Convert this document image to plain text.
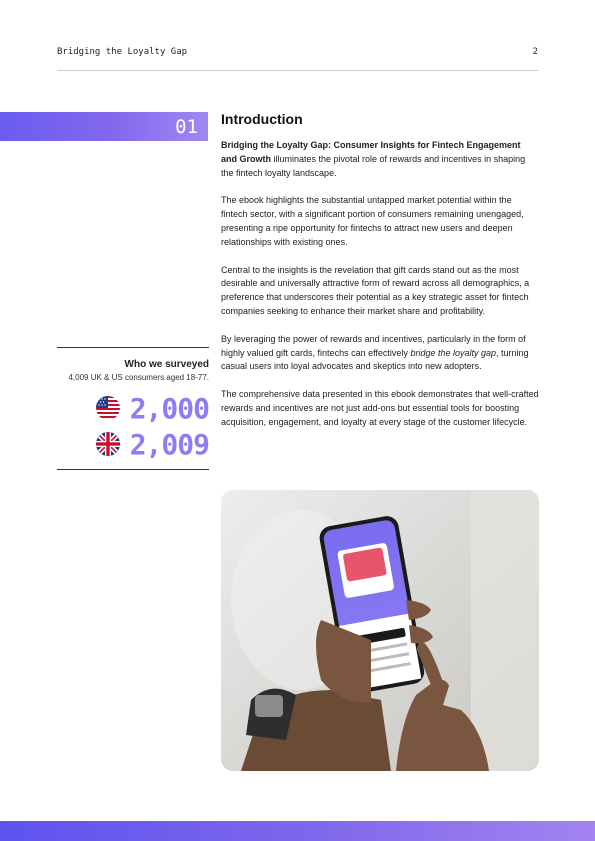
Bridging the Loyalty Gap	2
01 Introduction

Bridging the Loyalty Gap: Consumer Insights for Fintech Engagement and Growth illuminates the pivotal role of rewards and incentives in shaping the fintech loyalty landscape.

The ebook highlights the substantial untapped market potential within the fintech sector, with a significant portion of consumers remaining unengaged, presenting a ripe opportunity for fintechs to attract new users and deepen relationships with existing ones.

Central to the insights is the revelation that gift cards stand out as the most desirable and universally attractive form of reward across all demographics, a preference that underscores their potential as a key strategic asset for fintech companies seeking to enhance their market share and profitability.

By leveraging the power of rewards and incentives, particularly in the form of highly valued gift cards, fintechs can effectively bridge the loyalty gap, turning casual users into loyal advocates and skeptics into new adopters.

The comprehensive data presented in this ebook demonstrates that well-crafted rewards and incentives are not just add-ons but essential tools for boosting acquisition, engagement, and loyalty at every stage of the customer lifecycle.

Who we surveyed
4,009 UK & US consumers aged 18-77.
2,000
2,009
